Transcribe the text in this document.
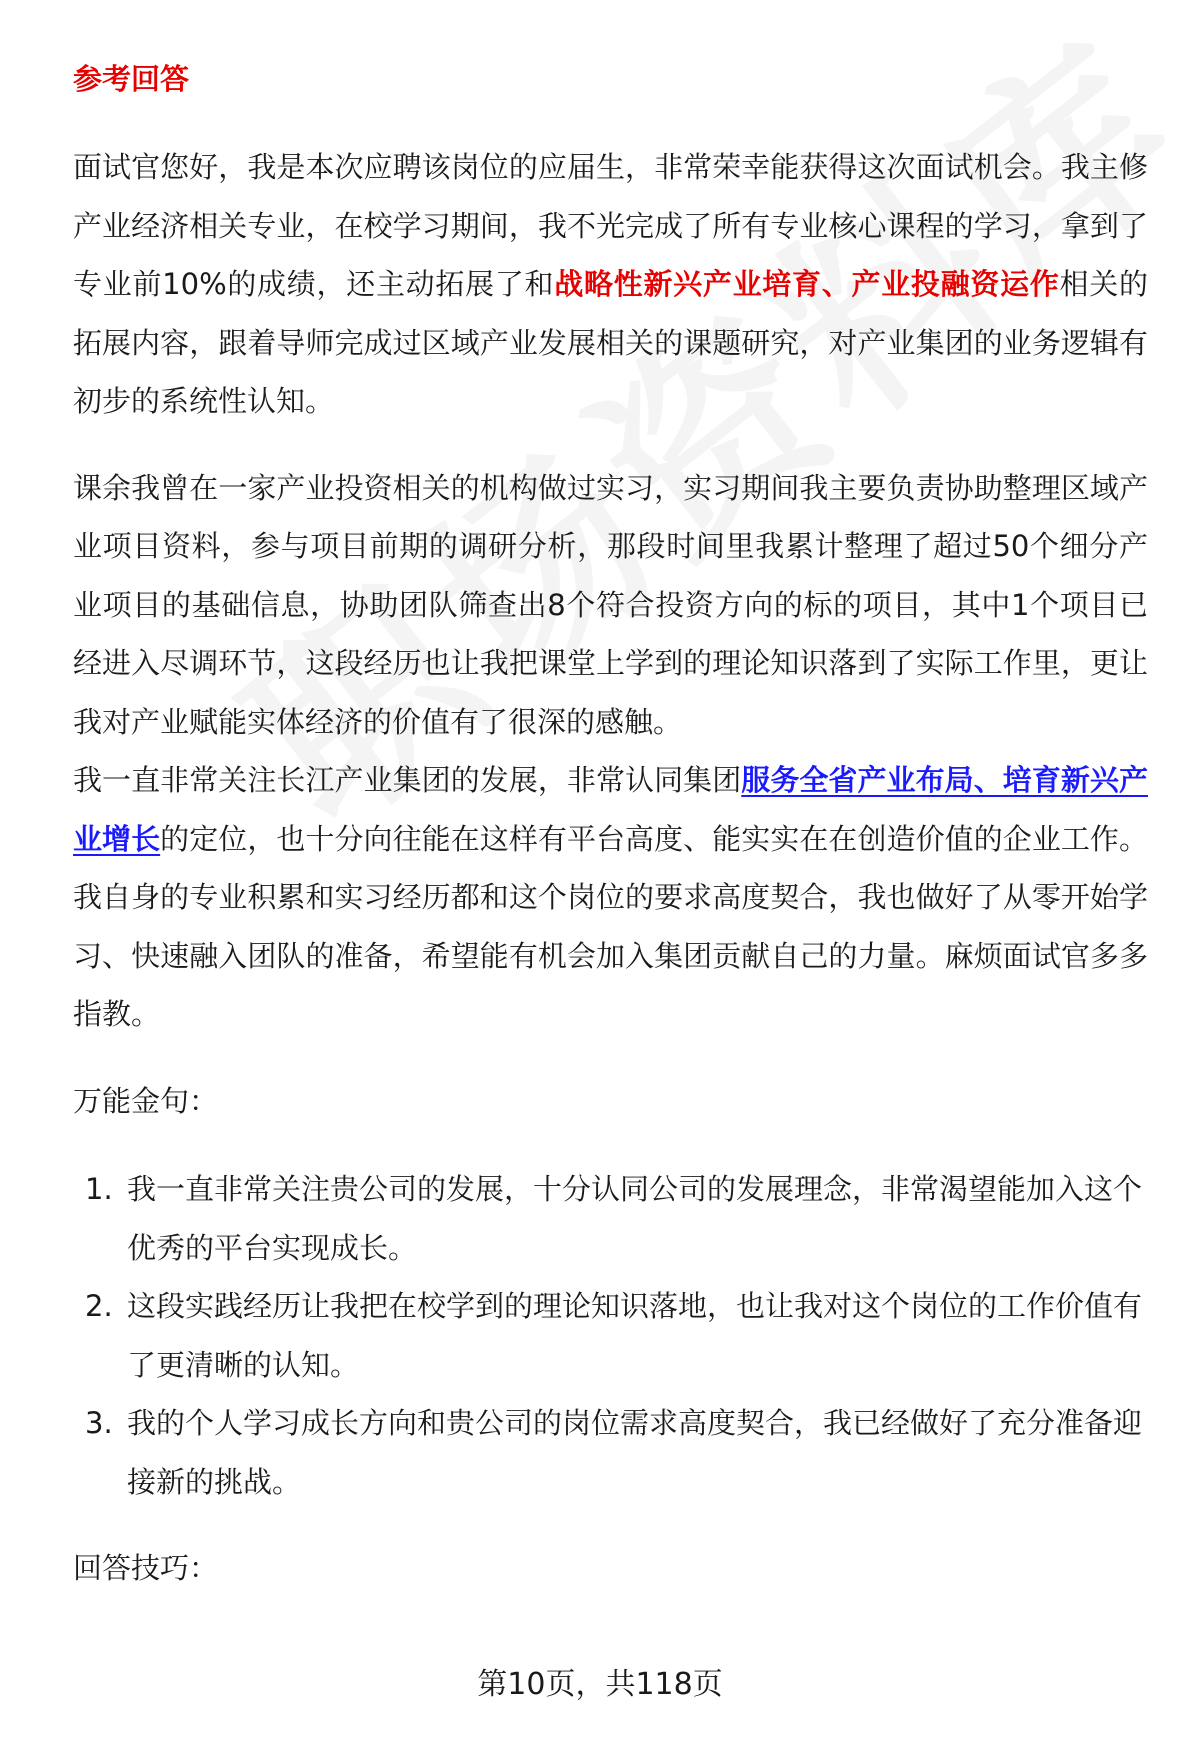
参考回答

面试官您好，我是本次应聘该岗位的应届生，非常荣幸能获得这次面试机会。我主修产业经济相关专业，在校学习期间，我不光完成了所有专业核心课程的学习，拿到了专业前10%的成绩，还主动拓展了和战略性新兴产业培育、产业投融资运作相关的拓展内容，跟着导师完成过区域产业发展相关的课题研究，对产业集团的业务逻辑有初步的系统性认知。

课余我曾在一家产业投资相关的机构做过实习，实习期间我主要负责协助整理区域产业项目资料，参与项目前期的调研分析，那段时间里我累计整理了超过50个细分产业项目的基础信息，协助团队筛查出8个符合投资方向的标的项目，其中1个项目已经进入尽调环节，这段经历也让我把课堂上学到的理论知识落到了实际工作里，更让我对产业赋能实体经济的价值有了很深的感触。

我一直非常关注长江产业集团的发展，非常认同集团服务全省产业布局、培育新兴产业增长的定位，也十分向往能在这样有平台高度、能实实在在创造价值的企业工作。我自身的专业积累和实习经历都和这个岗位的要求高度契合，我也做好了从零开始学习、快速融入团队的准备，希望能有机会加入集团贡献自己的力量。麻烦面试官多多指教。

万能金句：

1. 我一直非常关注贵公司的发展，十分认同公司的发展理念，非常渴望能加入这个优秀的平台实现成长。
2. 这段实践经历让我把在校学到的理论知识落地，也让我对这个岗位的工作价值有了更清晰的认知。
3. 我的个人学习成长方向和贵公司的岗位需求高度契合，我已经做好了充分准备迎接新的挑战。

回答技巧：

第10页，共118页
